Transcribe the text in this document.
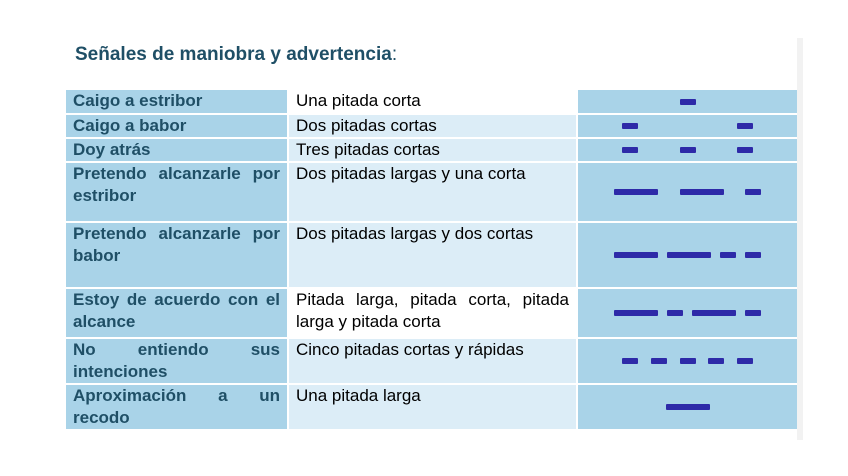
Señales de maniobra y advertencia:
Caigo a estribor	Una pitada corta	

Caigo a babor	Dos pitadas cortas	

Doy atrás	Tres pitadas cortas	

Pretendo alcanzarle por estribor	Dos pitadas largas y una corta	

Pretendo alcanzarle por babor	Dos pitadas largas y dos cortas	

Estoy de acuerdo con el alcance	Pitada larga, pitada corta, pitada larga y pitada corta	

No entiendo sus intenciones	Cinco pitadas cortas y rápidas	

Aproximación a un recodo	Una pitada larga	
